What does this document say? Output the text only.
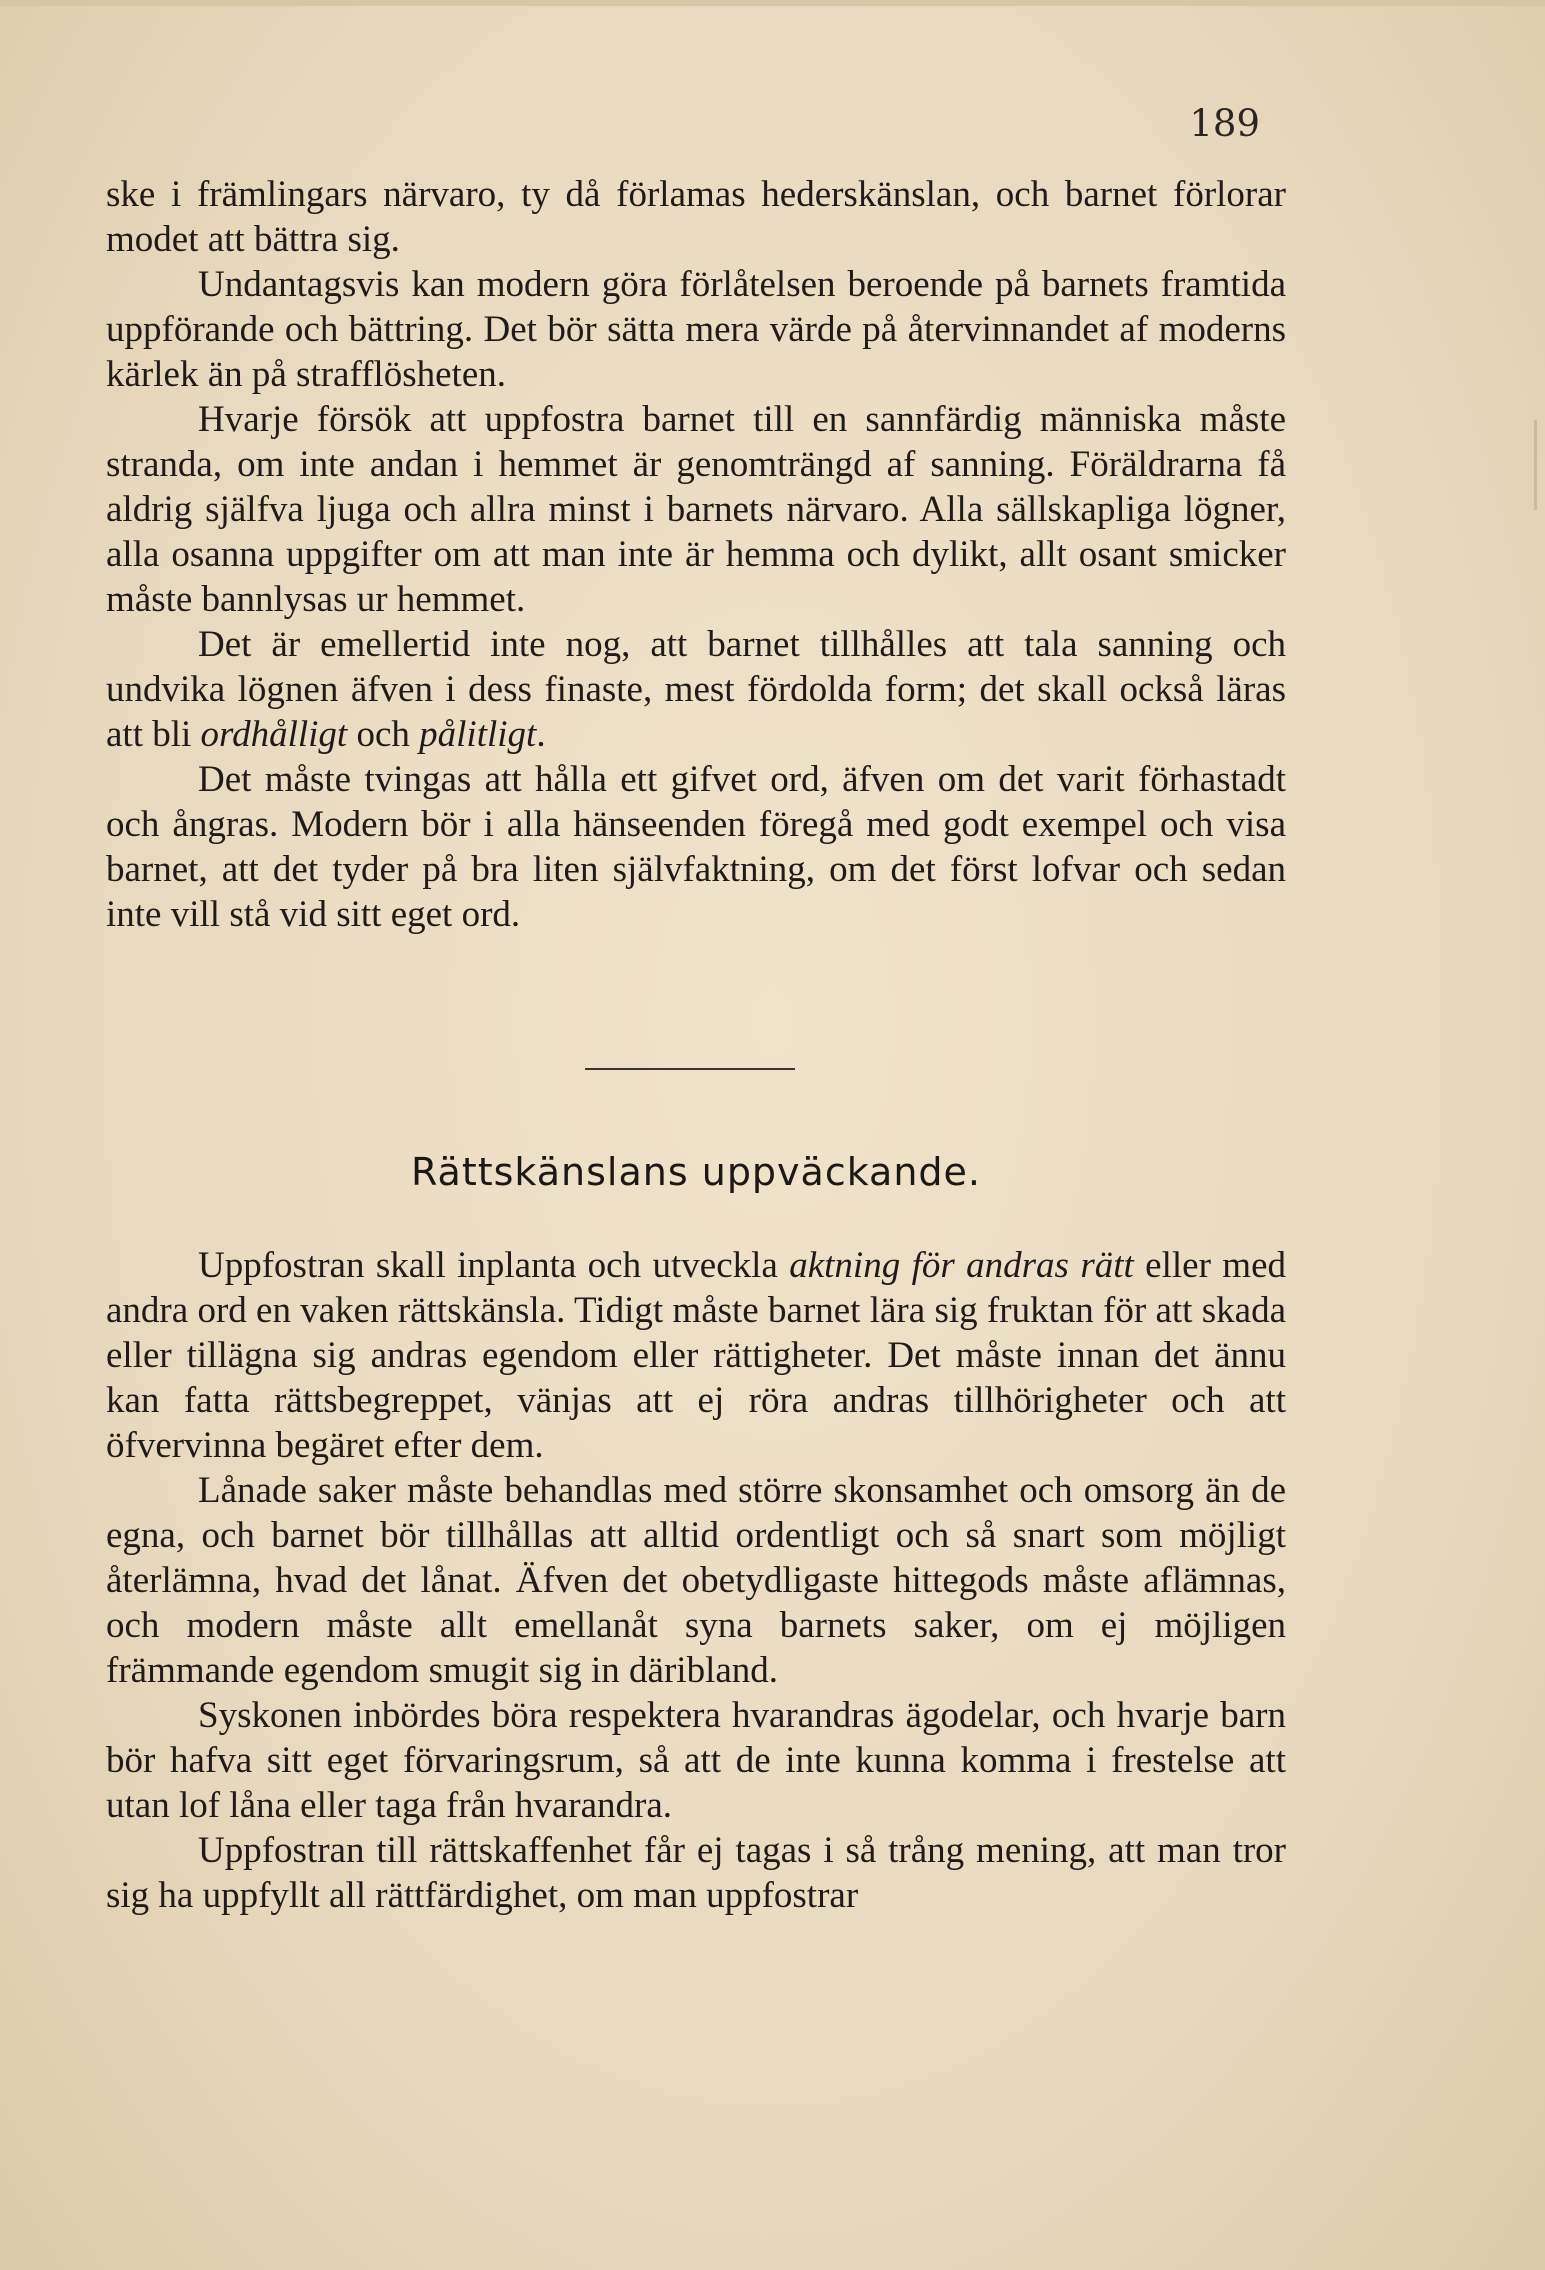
189

ske i främlingars närvaro, ty då förlamas hederskänslan, och barnet förlorar modet att bättra sig.

Undantagsvis kan modern göra förlåtelsen beroende på barnets framtida uppförande och bättring. Det bör sätta mera värde på återvinnandet af moderns kärlek än på strafflösheten.

Hvarje försök att uppfostra barnet till en sannfärdig människa måste stranda, om inte andan i hemmet är genomträngd af sanning. Föräldrarna få aldrig själfva ljuga och allra minst i barnets närvaro. Alla sällskapliga lögner, alla osanna uppgifter om att man inte är hemma och dylikt, allt osant smicker måste bannlysas ur hemmet.

Det är emellertid inte nog, att barnet tillhålles att tala sanning och undvika lögnen äfven i dess finaste, mest fördolda form; det skall också läras att bli ordhålligt och pålitligt.

Det måste tvingas att hålla ett gifvet ord, äfven om det varit förhastadt och ångras. Modern bör i alla hänseenden föregå med godt exempel och visa barnet, att det tyder på bra liten självfaktning, om det först lofvar och sedan inte vill stå vid sitt eget ord.

Rättskänslans uppväckande.

Uppfostran skall inplanta och utveckla aktning för andras rätt eller med andra ord en vaken rättskänsla. Tidigt måste barnet lära sig fruktan för att skada eller tillägna sig andras egendom eller rättigheter. Det måste innan det ännu kan fatta rättsbegreppet, vänjas att ej röra andras tillhörigheter och att öfvervinna begäret efter dem.

Lånade saker måste behandlas med större skonsamhet och omsorg än de egna, och barnet bör tillhållas att alltid ordentligt och så snart som möjligt återlämna, hvad det lånat. Äfven det obetydligaste hittegods måste aflämnas, och modern måste allt emellanåt syna barnets saker, om ej möjligen främmande egendom smugit sig in däribland.

Syskonen inbördes böra respektera hvarandras ägodelar, och hvarje barn bör hafva sitt eget förvaringsrum, så att de inte kunna komma i frestelse att utan lof låna eller taga från hvarandra.

Uppfostran till rättskaffenhet får ej tagas i så trång mening, att man tror sig ha uppfyllt all rättfärdighet, om man uppfostrar
